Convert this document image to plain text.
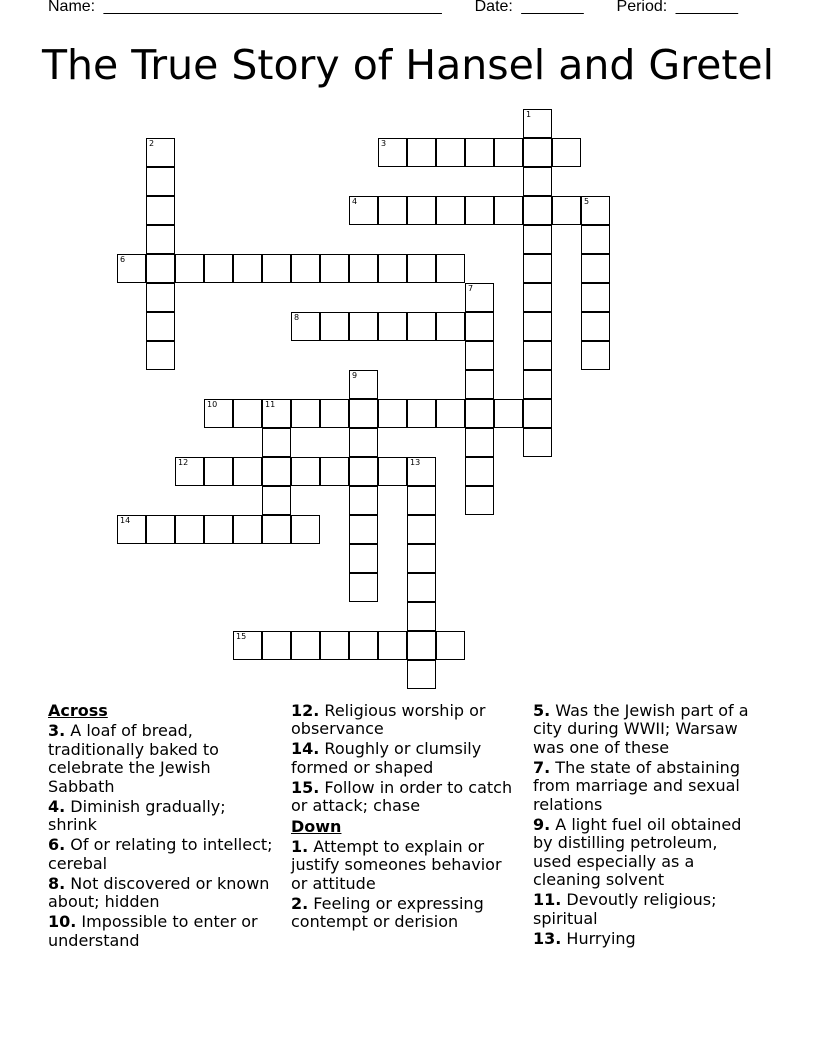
Name: ______________________________________ Date: _______ Period: _______
The True Story of Hansel and Gretel
1
2	3
4	5
6
7
8
9
10	11
12	13
14
15
Across
3. A loaf of bread, traditionally baked to celebrate the Jewish Sabbath
4. Diminish gradually; shrink
6. Of or relating to intellect; cerebal
8. Not discovered or known about; hidden
10. Impossible to enter or understand
12. Religious worship or observance
14. Roughly or clumsily formed or shaped
15. Follow in order to catch or attack; chase
Down
1. Attempt to explain or justify someones behavior or attitude
2. Feeling or expressing contempt or derision
5. Was the Jewish part of a city during WWII; Warsaw was one of these
7. The state of abstaining from marriage and sexual relations
9. A light fuel oil obtained by distilling petroleum, used especially as a cleaning solvent
11. Devoutly religious; spiritual
13. Hurrying
